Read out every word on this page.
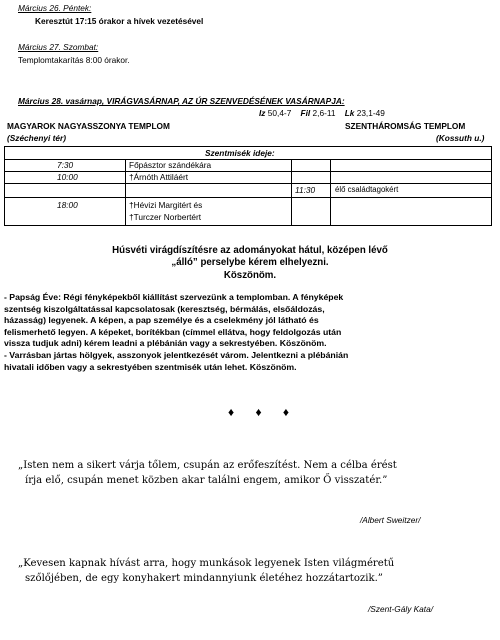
Március 26. Péntek:
Keresztút 17:15 órakor a hívek vezetésével
Március 27. Szombat:
Templomtakarítás 8:00 órakor.
Március 28. vasárnap, VIRÁGVASÁRNAP, AZ ÚR SZENVEDÉSÉNEK VASÁRNAPJA:
Iz 50,4-7 Fil 2,6-11 Lk 23,1-49
MAGYAROK NAGYASSZONYA TEMPLOM
(Széchenyi tér)
SZENTHÁROMSÁG TEMPLOM
(Kossuth u.)
Szentmisék ideje:
7:30	Főpásztor szándékára
10:00	†Árnóth Attiláért
11:30	élő családtagokért
18:00	†Hévizi Margitért és
†Turczer Norbertért
Húsvéti virágdíszítésre az adományokat hátul, középen lévő
„álló” perselybe kérem elhelyezni.
Köszönöm.
- Papság Éve: Régi fényképekből kiállítást szervezünk a templomban. A fényképek
szentség kiszolgáltatással kapcsolatosak (keresztség, bérmálás, elsőáldozás,
házasság) legyenek. A képen, a pap személye és a cselekmény jól látható és
felismerhető legyen. A képeket, borítékban (címmel ellátva, hogy feldolgozás után
vissza tudjuk adni) kérem leadni a plébánián vagy a sekrestyében. Köszönöm.
- Varrásban jártas hölgyek, asszonyok jelentkezését várom. Jelentkezni a plébánián
hivatali időben vagy a sekrestyében szentmisék után lehet. Köszönöm.
♦ ♦ ♦
„Isten nem a sikert várja tőlem, csupán az erőfeszítést. Nem a célba érést
írja elő, csupán menet közben akar találni engem, amikor Ő visszatér.”
/Albert Sweitzer/
„Kevesen kapnak hívást arra, hogy munkások legyenek Isten világméretű
szőlőjében, de egy konyhakert mindannyiunk életéhez hozzátartozik.”
/Szent-Gály Kata/
